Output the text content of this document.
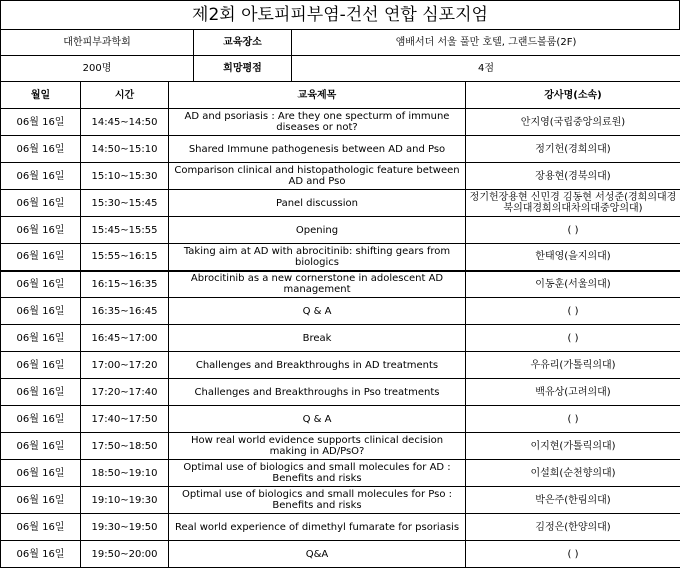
제2회 아토피피부염-건선 연합 심포지엄
대한피부과학회	교육장소	앰배서더 서울 풀만 호텔, 그랜드볼룸(2F)
200명	희망평점	4점
월일	시간	교육제목	강사명(소속)
06월 16일	14:45~14:50	AD and psoriasis : Are they one specturm of immune diseases or not?	안지영(국립중앙의료원)
06월 16일	14:50~15:10	Shared Immune pathogenesis between AD and Pso	정기헌(경희의대)
06월 16일	15:10~15:30	Comparison clinical and histopathologic feature between AD and Pso	장용현(경북의대)
06월 16일	15:30~15:45	Panel discussion	정기헌장용현 신민경 김동현 서성준(경희의대경북의대경희의대차의대중앙의대)
06월 16일	15:45~15:55	Opening	( )
06월 16일	15:55~16:15	Taking aim at AD with abrocitinib: shifting gears from biologics	한태영(을지의대)
06월 16일	16:15~16:35	Abrocitinib as a new cornerstone in adolescent AD management	이동훈(서울의대)
06월 16일	16:35~16:45	Q & A	( )
06월 16일	16:45~17:00	Break	( )
06월 16일	17:00~17:20	Challenges and Breakthroughs in AD treatments	우유리(가톨릭의대)
06월 16일	17:20~17:40	Challenges and Breakthroughs in Pso treatments	백유상(고려의대)
06월 16일	17:40~17:50	Q & A	( )
06월 16일	17:50~18:50	How real world evidence supports clinical decision making in AD/PsO?	이지현(가톨릭의대)
06월 16일	18:50~19:10	Optimal use of biologics and small molecules for AD : Benefits and risks	이설희(순천향의대)
06월 16일	19:10~19:30	Optimal use of biologics and small molecules for Pso : Benefits and risks	박은주(한림의대)
06월 16일	19:30~19:50	Real world experience of dimethyl fumarate for psoriasis	김정은(한양의대)
06월 16일	19:50~20:00	Q&A	( )
